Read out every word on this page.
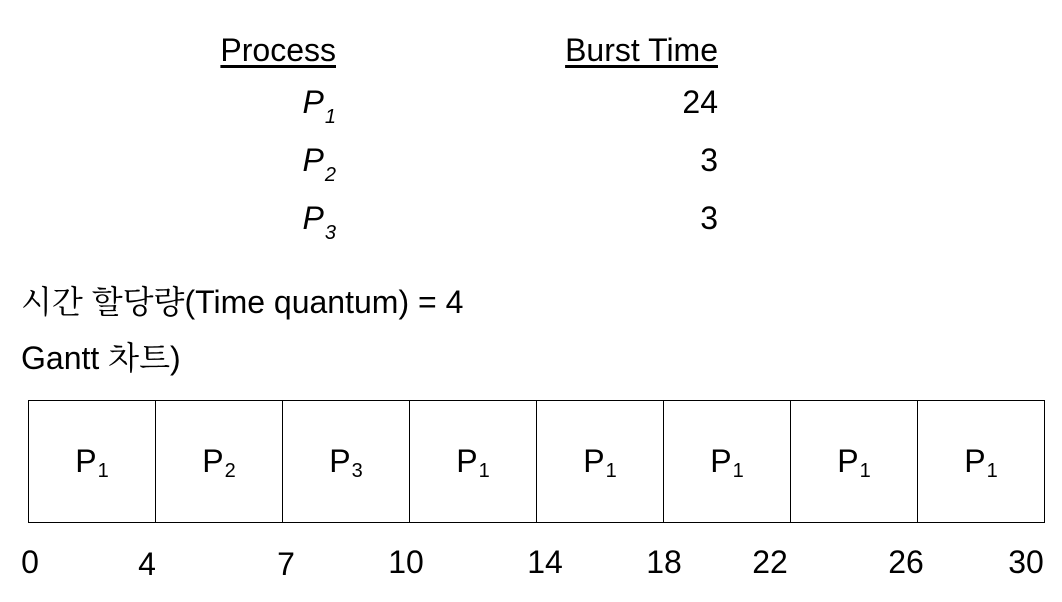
Process	Burst Time
$P_1$	24
$P_2$	3
$P_3$	3
시간 할당량(Time quantum) = 4
Gantt 차트)
P 1	P 2	P 3	P 1	P 1	P 1	P 1	P 1
0	4	7	10	14	18 22	26	30
